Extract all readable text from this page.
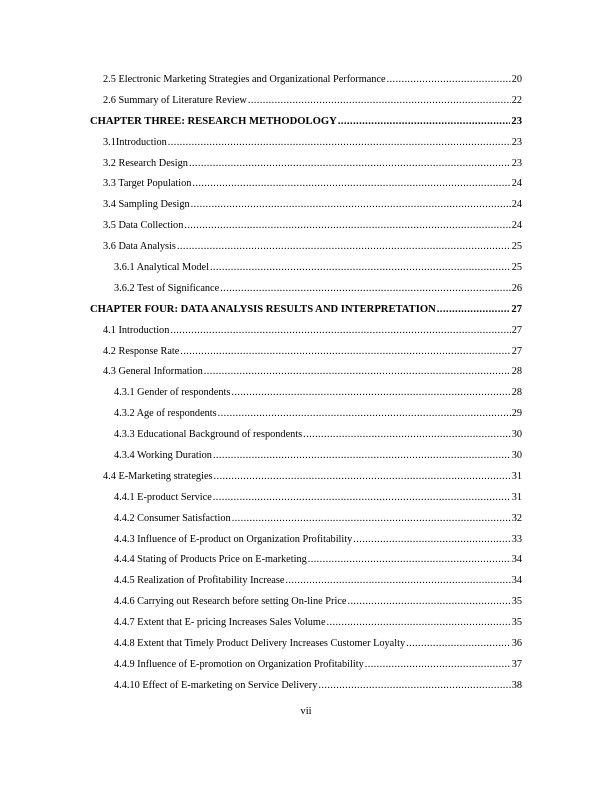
2.5 Electronic Marketing Strategies and Organizational Performance .....	20
2.6 Summary of Literature Review .....	22
CHAPTER THREE: RESEARCH METHODOLOGY .....	23
3.1Introduction .....	23
3.2 Research Design .....	23
3.3 Target Population .....	24
3.4 Sampling Design .....	24
3.5 Data Collection .....	24
3.6 Data Analysis .....	25
3.6.1 Analytical Model .....	25
3.6.2 Test of Significance .....	26
CHAPTER FOUR: DATA ANALYSIS RESULTS AND INTERPRETATION .....	27
4.1 Introduction .....	27
4.2 Response Rate .....	27
4.3 General Information .....	28
4.3.1 Gender of respondents .....	28
4.3.2 Age of respondents .....	29
4.3.3 Educational Background of respondents .....	30
4.3.4 Working Duration .....	30
4.4 E-Marketing strategies .....	31
4.4.1 E-product Service .....	31
4.4.2 Consumer Satisfaction .....	32
4.4.3 Influence of E-product on Organization Profitability .....	33
4.4.4 Stating of Products Price on E-marketing .....	34
4.4.5 Realization of Profitability Increase .....	34
4.4.6 Carrying out Research before setting On-line Price .....	35
4.4.7 Extent that E- pricing Increases Sales Volume .....	35
4.4.8 Extent that Timely Product Delivery Increases Customer Loyalty .....	36
4.4.9 Influence of E-promotion on Organization Profitability .....	37
4.4.10 Effect of E-marketing on Service Delivery .....	38
vii
